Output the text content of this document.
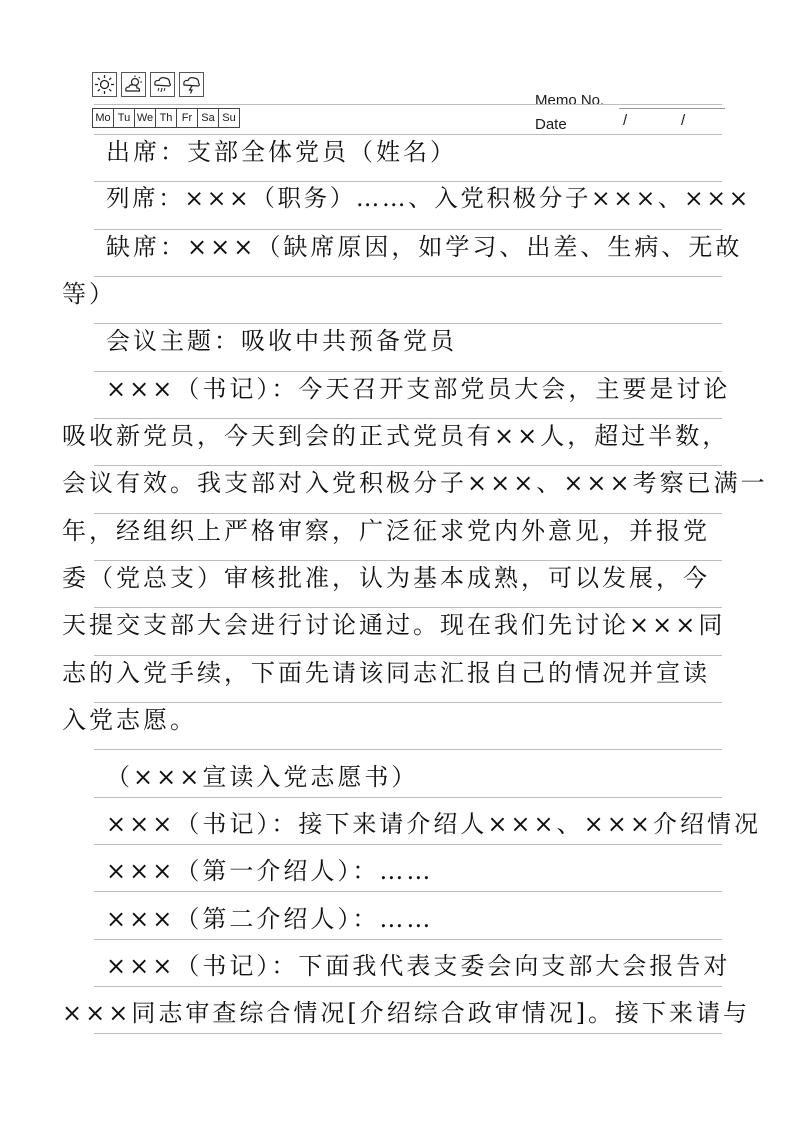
Mo Tu We Th Fr Sa Su
Memo No.
Date	/	/
出席：支部全体党员（姓名）
列席：×××（职务）……、入党积极分子×××、×××
缺席：×××（缺席原因，如学习、出差、生病、无故
等）
会议主题：吸收中共预备党员
×××（书记）：今天召开支部党员大会，主要是讨论
吸收新党员，今天到会的正式党员有××人，超过半数，
会议有效。我支部对入党积极分子×××、×××考察已满一
年，经组织上严格审察，广泛征求党内外意见，并报党
委（党总支）审核批准，认为基本成熟，可以发展，今
天提交支部大会进行讨论通过。现在我们先讨论×××同
志的入党手续，下面先请该同志汇报自己的情况并宣读
入党志愿。
（×××宣读入党志愿书）
×××（书记）：接下来请介绍人×××、×××介绍情况
×××（第一介绍人）：……
×××（第二介绍人）：……
×××（书记）：下面我代表支委会向支部大会报告对
×××同志审查综合情况[介绍综合政审情况]。接下来请与
